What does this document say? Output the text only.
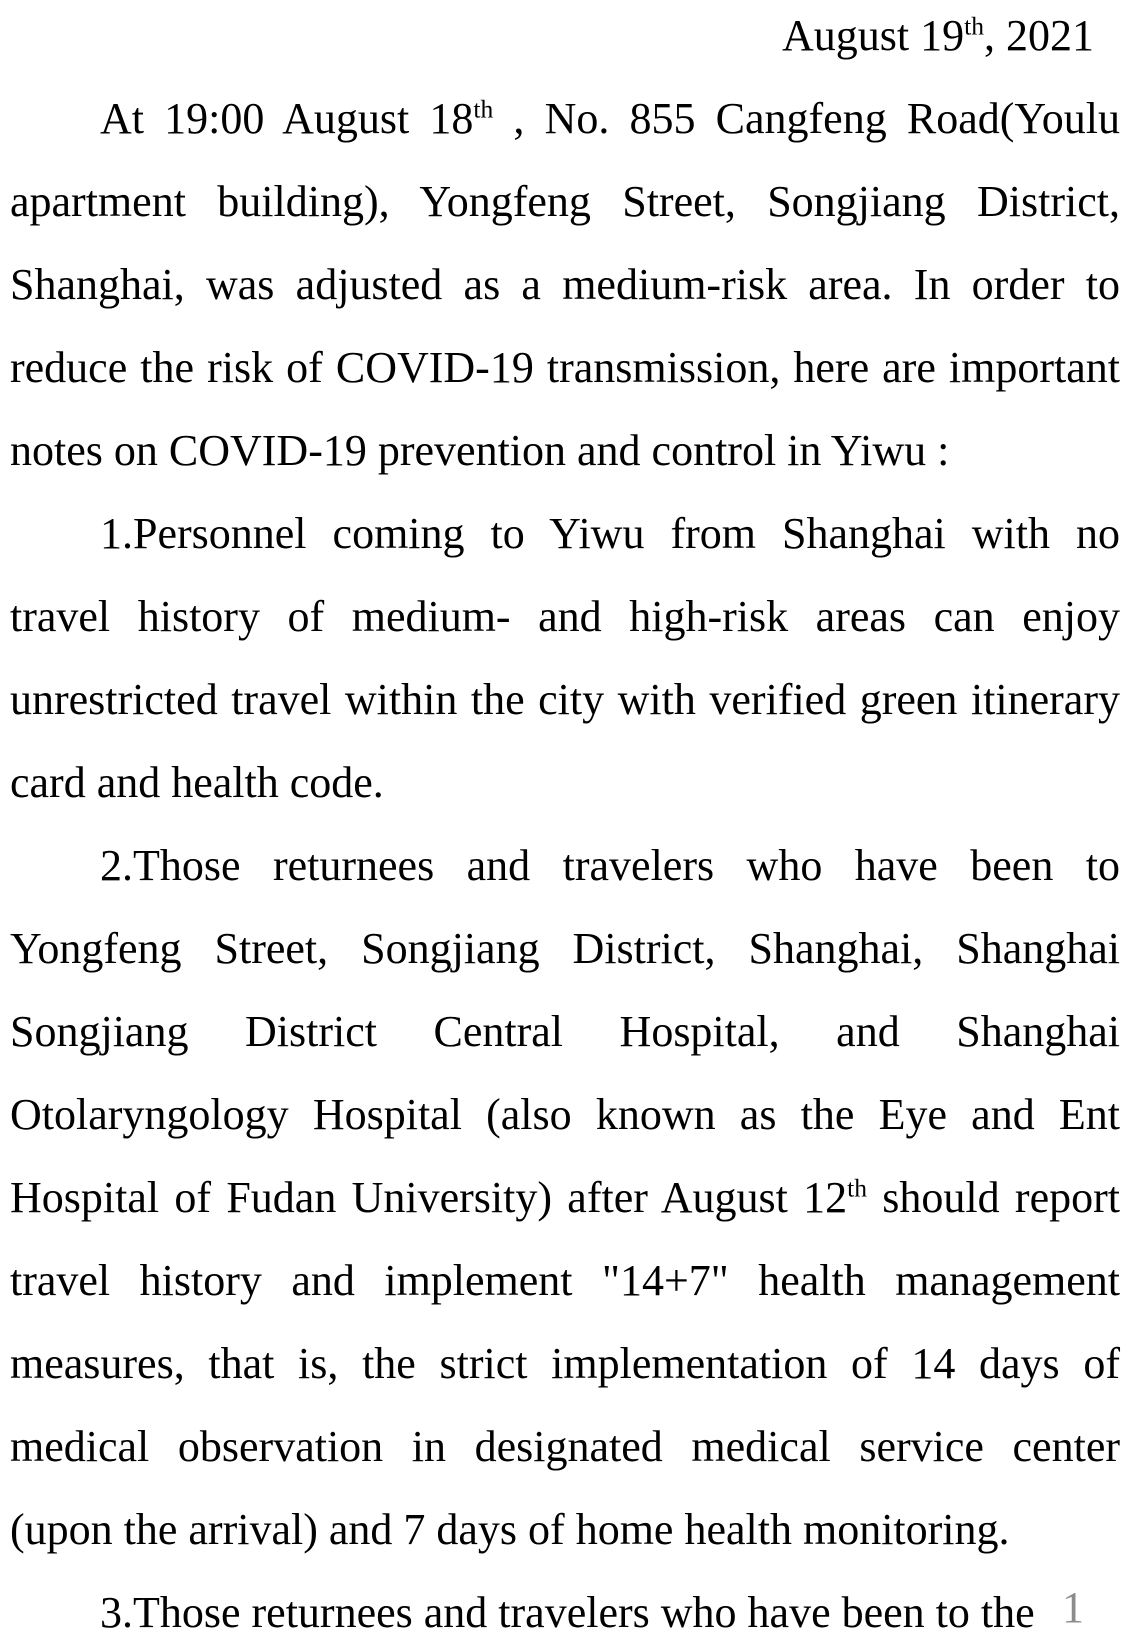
1

August 19th, 2021

At 19:00 August 18th , No. 855 Cangfeng Road(Youlu apartment building), Yongfeng Street, Songjiang District, Shanghai, was adjusted as a medium-risk area. In order to reduce the risk of COVID-19 transmission, here are important notes on COVID-19 prevention and control in Yiwu :

1.Personnel coming to Yiwu from Shanghai with no travel history of medium- and high-risk areas can enjoy unrestricted travel within the city with verified green itinerary card and health code.

2.Those returnees and travelers who have been to Yongfeng Street, Songjiang District, Shanghai, Shanghai Songjiang District Central Hospital, and Shanghai Otolaryngology Hospital (also known as the Eye and Ent Hospital of Fudan University) after August 12th should report travel history and implement "14+7" health management measures, that is, the strict implementation of 14 days of medical observation in designated medical service center (upon the arrival) and 7 days of home health monitoring.

3.Those returnees and travelers who have been to the
